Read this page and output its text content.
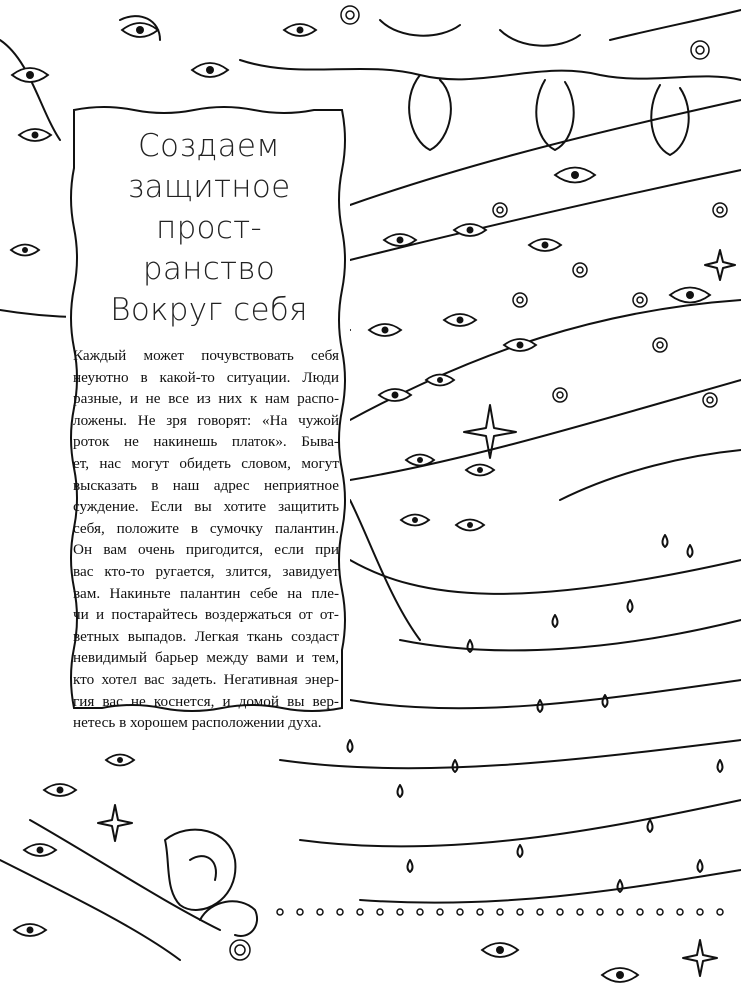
Создаем
защитное
прост-
ранство
Вокруг себя
Каждый может почувствовать себя
неуютно в какой-то ситуации. Люди
разные, и не все из них к нам распо-
ложены. Не зря говорят: «На чужой
роток не накинешь платок». Быва-
ет, нас могут обидеть словом, могут
высказать в наш адрес неприятное
суждение. Если вы хотите защитить
себя, положите в сумочку палантин.
Он вам очень пригодится, если при
вас кто-то ругается, злится, завидует
вам. Накиньте палантин себе на пле-
чи и постарайтесь воздержаться от от-
ветных выпадов. Легкая ткань создаст
невидимый барьер между вами и тем,
кто хотел вас задеть. Негативная энер-
гия вас не коснется, и домой вы вер-
нетесь в хорошем расположении духа.
